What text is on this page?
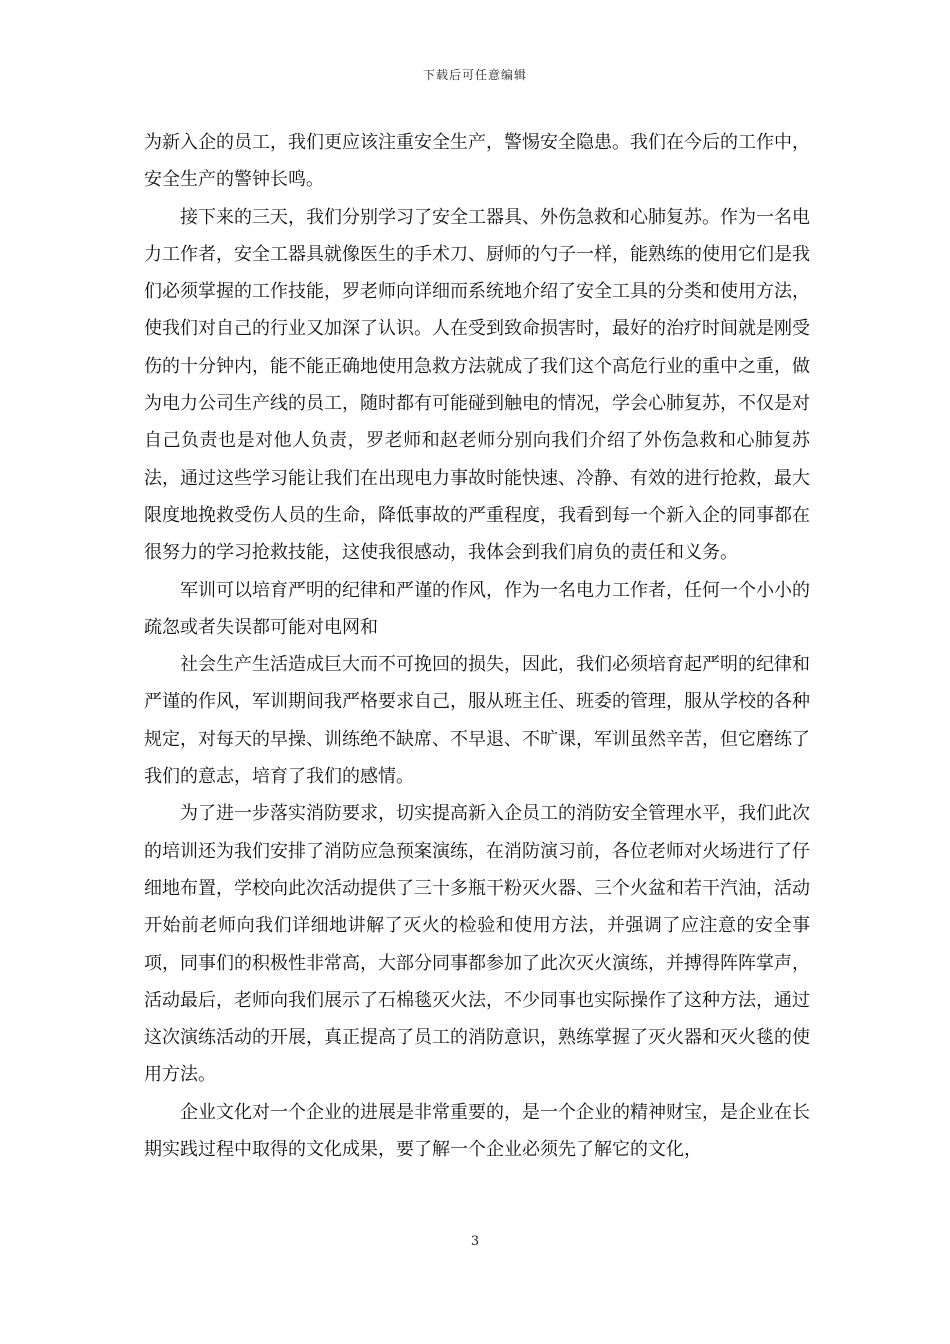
下载后可任意编辑

为新入企的员工，我们更应该注重安全生产，警惕安全隐患。我们在今后的工作中，安全生产的警钟长鸣。

接下来的三天，我们分别学习了安全工器具、外伤急救和心肺复苏。作为一名电力工作者，安全工器具就像医生的手术刀、厨师的勺子一样，能熟练的使用它们是我们必须掌握的工作技能，罗老师向详细而系统地介绍了安全工具的分类和使用方法，使我们对自己的行业又加深了认识。人在受到致命损害时，最好的治疗时间就是刚受伤的十分钟内，能不能正确地使用急救方法就成了我们这个高危行业的重中之重，做为电力公司生产线的员工，随时都有可能碰到触电的情况，学会心肺复苏，不仅是对自己负责也是对他人负责，罗老师和赵老师分别向我们介绍了外伤急救和心肺复苏法，通过这些学习能让我们在出现电力事故时能快速、冷静、有效的进行抢救，最大限度地挽救受伤人员的生命，降低事故的严重程度，我看到每一个新入企的同事都在很努力的学习抢救技能，这使我很感动，我体会到我们肩负的责任和义务。

军训可以培育严明的纪律和严谨的作风，作为一名电力工作者，任何一个小小的疏忽或者失误都可能对电网和

社会生产生活造成巨大而不可挽回的损失，因此，我们必须培育起严明的纪律和严谨的作风，军训期间我严格要求自己，服从班主任、班委的管理，服从学校的各种规定，对每天的早操、训练绝不缺席、不早退、不旷课，军训虽然辛苦，但它磨练了我们的意志，培育了我们的感情。

为了进一步落实消防要求，切实提高新入企员工的消防安全管理水平，我们此次的培训还为我们安排了消防应急预案演练，在消防演习前，各位老师对火场进行了仔细地布置，学校向此次活动提供了三十多瓶干粉灭火器、三个火盆和若干汽油，活动开始前老师向我们详细地讲解了灭火的检验和使用方法，并强调了应注意的安全事项，同事们的积极性非常高，大部分同事都参加了此次灭火演练，并搏得阵阵掌声，活动最后，老师向我们展示了石棉毯灭火法，不少同事也实际操作了这种方法，通过这次演练活动的开展，真正提高了员工的消防意识，熟练掌握了灭火器和灭火毯的使用方法。

企业文化对一个企业的进展是非常重要的，是一个企业的精神财宝，是企业在长期实践过程中取得的文化成果，要了解一个企业必须先了解它的文化，

3
